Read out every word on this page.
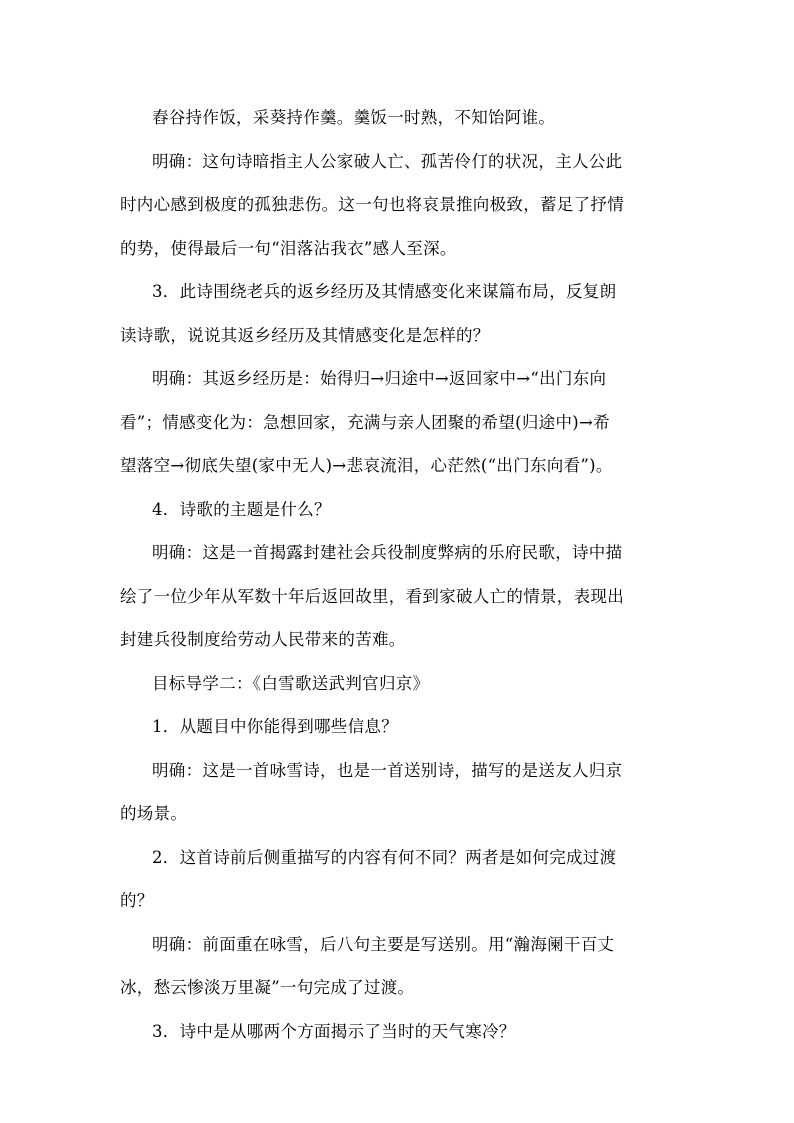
舂谷持作饭，采葵持作羹。羹饭一时熟，不知饴阿谁。
明确：这句诗暗指主人公家破人亡、孤苦伶仃的状况，主人公此
时内心感到极度的孤独悲伤。这一句也将哀景推向极致，蓄足了抒情
的势，使得最后一句“泪落沾我衣”感人至深。
3．此诗围绕老兵的返乡经历及其情感变化来谋篇布局，反复朗
读诗歌，说说其返乡经历及其情感变化是怎样的？
明确：其返乡经历是：始得归→归途中→返回家中→“出门东向
看”；情感变化为：急想回家，充满与亲人团聚的希望(归途中)→希
望落空→彻底失望(家中无人)→悲哀流泪，心茫然(“出门东向看”)。
4．诗歌的主题是什么？
明确：这是一首揭露封建社会兵役制度弊病的乐府民歌，诗中描
绘了一位少年从军数十年后返回故里，看到家破人亡的情景，表现出
封建兵役制度给劳动人民带来的苦难。
目标导学二：《白雪歌送武判官归京》
1．从题目中你能得到哪些信息？
明确：这是一首咏雪诗，也是一首送别诗，描写的是送友人归京
的场景。
2．这首诗前后侧重描写的内容有何不同？两者是如何完成过渡
的？
明确：前面重在咏雪，后八句主要是写送别。用“瀚海阑干百丈
冰，愁云惨淡万里凝”一句完成了过渡。
3．诗中是从哪两个方面揭示了当时的天气寒冷？
